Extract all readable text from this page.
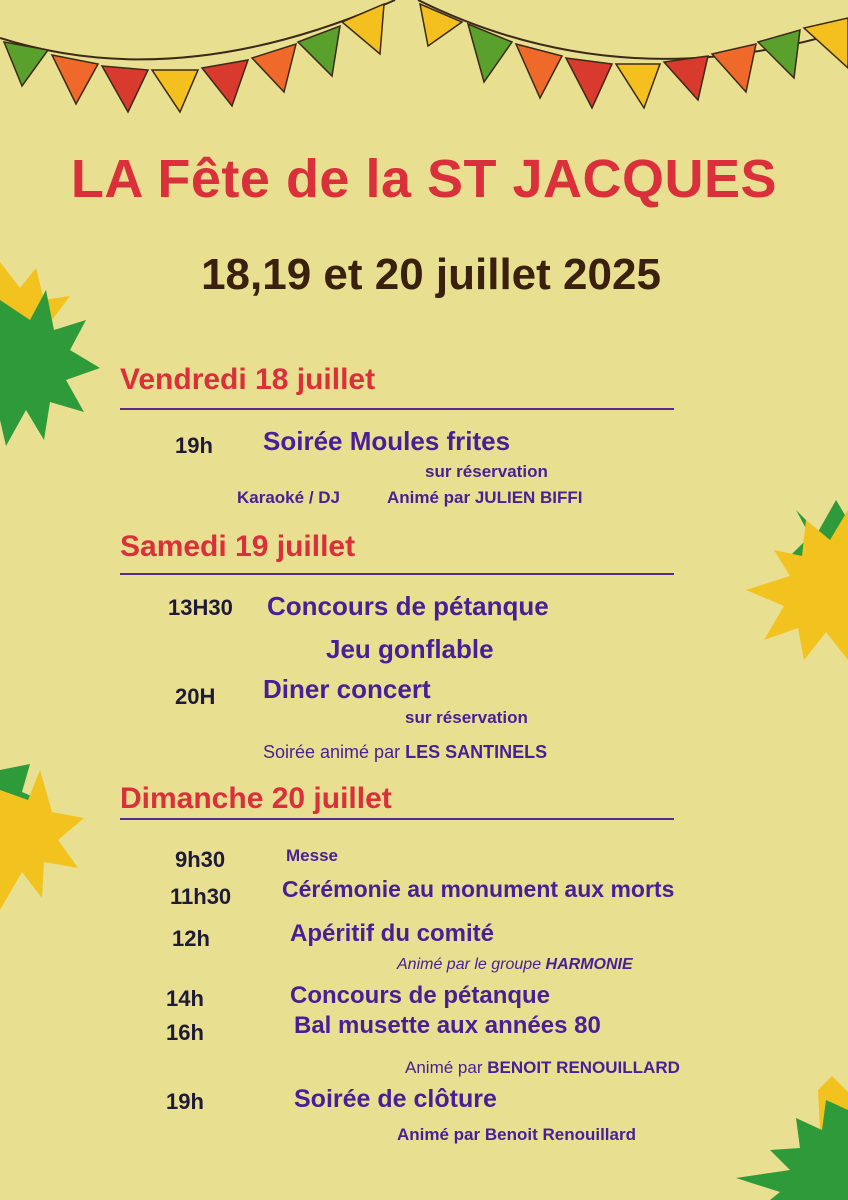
LA Fête de la ST JACQUES
18,19 et 20 juillet 2025
Vendredi 18 juillet
19h Soirée Moules frites
sur réservation
Karaoké / DJ	Animé par JULIEN BIFFI
Samedi 19 juillet
13H30 Concours de pétanque
Jeu gonflable
20H Diner concert
sur réservation
Soirée animé par LES SANTINELS
Dimanche 20 juillet
9h30	Messe
11h30 Cérémonie au monument aux morts
12h	Apéritif du comité
Animé par le groupe HARMONIE
14h	Concours de pétanque
16h	Bal musette aux années 80
Animé par BENOIT RENOUILLARD
19h	Soirée de clôture
Animé par Benoit Renouillard
